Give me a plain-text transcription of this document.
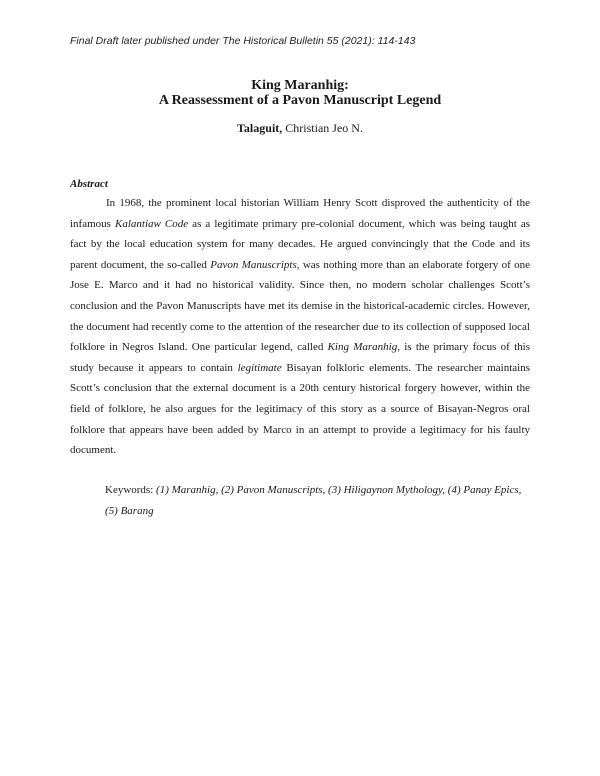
Final Draft later published under The Historical Bulletin 55 (2021): 114-143
King Maranhig:
A Reassessment of a Pavon Manuscript Legend
Talaguit, Christian Jeo N.
Abstract

In 1968, the prominent local historian William Henry Scott disproved the authenticity of the infamous Kalantiaw Code as a legitimate primary pre-colonial document, which was being taught as fact by the local education system for many decades. He argued convincingly that the Code and its parent document, the so-called Pavon Manuscripts, was nothing more than an elaborate forgery of one Jose E. Marco and it had no historical validity. Since then, no modern scholar challenges Scott’s conclusion and the Pavon Manuscripts have met its demise in the historical-academic circles. However, the document had recently come to the attention of the researcher due to its collection of supposed local folklore in Negros Island. One particular legend, called King Maranhig, is the primary focus of this study because it appears to contain legitimate Bisayan folkloric elements. The researcher maintains Scott’s conclusion that the external document is a 20th century historical forgery however, within the field of folklore, he also argues for the legitimacy of this story as a source of Bisayan-Negros oral folklore that appears have been added by Marco in an attempt to provide a legitimacy for his faulty document.

Keywords: (1) Maranhig, (2) Pavon Manuscripts, (3) Hiligaynon Mythology, (4) Panay Epics, (5) Barang
